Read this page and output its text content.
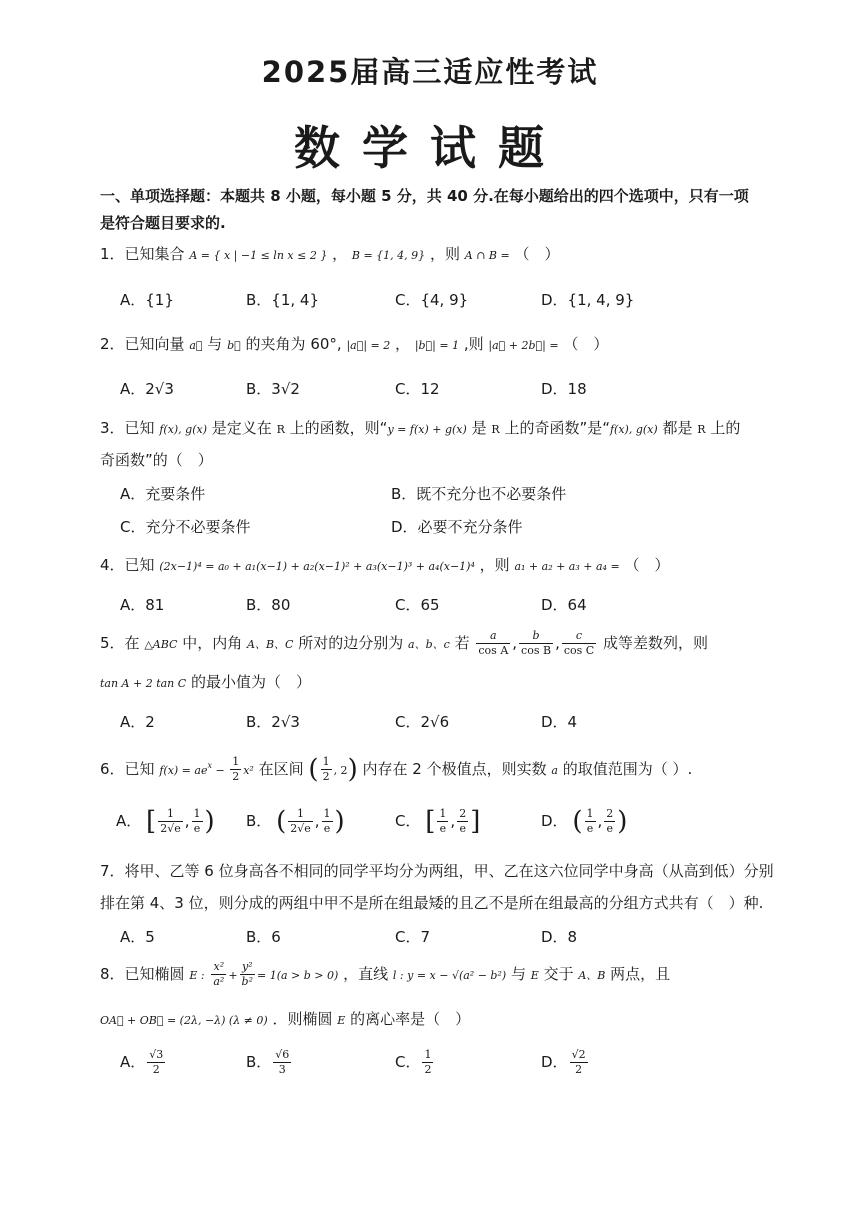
2025届高三适应性考试
数学试题
一、单项选择题：本题共 8 小题，每小题 5 分，共 40 分.在每小题给出的四个选项中，只有一项是符合题目要求的.
1．已知集合 A = { x | −1 ≤ ln x ≤ 2 } ， B = {1, 4, 9} ，则 A ∩ B = （　）
A．{1}	B．{1, 4}	C．{4, 9}	D．{1, 4, 9}
2．已知向量 a⃗ 与 b⃗ 的夹角为 60°, |a⃗| = 2 ， |b⃗| = 1 ,则 |a⃗ + 2b⃗| = （　）
A．2√3	B．3√2	C．12	D．18
3．已知 f(x), g(x) 是定义在 R 上的函数，则“y = f(x) + g(x) 是 R 上的奇函数”是“f(x), g(x) 都是 R 上的
奇函数”的（　）
A．充要条件	B．既不充分也不必要条件
C．充分不必要条件	D．必要不充分条件
4．已知 (2x−1)⁴ = a₀ + a₁(x−1) + a₂(x−1)² + a₃(x−1)³ + a₄(x−1)⁴ ，则 a₁ + a₂ + a₃ + a₄ = （　）
A．81	B．80	C．65	D．64
5．在 △ABC 中，内角 A、B、C 所对的边分别为 a、b、c 若 $\frac{a}{\text{cos A}}$ , $\frac{b}{\text{cos B}}$ , $\frac{c}{\text{cos C}}$ 成等差数列，则
tan A + 2 tan C 的最小值为（　）
A．2	B．2√3	C．2√6	D．4
6．已知 $f(x) = ae^x - \frac{1}{2} x^2$ 在区间 ( $\frac{1}{2}$ , 2) 内存在 2 个极值点，则实数 a 的取值范围为（ ）.
A． [ $\frac{1}{2√e}$ , $\frac{1}{e}$ ) B． ( $\frac{1}{2√e}$ , $\frac{1}{e}$ )	C． [ $\frac{1}{e}$ , $\frac{2}{e}$ ]	D． ( $\frac{1}{e}$ , $\frac{2}{e}$ )
7．将甲、乙等 6 位身高各不相同的同学平均分为两组，甲、乙在这六位同学中身高（从高到低）分别
排在第 4、3 位，则分成的两组中甲不是所在组最矮的且乙不是所在组最高的分组方式共有（　）种.
A．5	B．6	C．7	D．8
8．已知椭圆 E : $\frac{\text{x²}}{\text{a²}} + \frac{\text{y²}}{\text{b²}} = 1(a > b > 0)$ ，直线 l : y = x − √(a² − b²) 与 E 交于 A、B 两点，且
OA⃗ + OB⃗ = (2λ, −λ) (λ ≠ 0) ．则椭圆 E 的离心率是（　）
A． $\frac{√3}{2}$	B． $\frac{√6}{3}$	C． $\frac{1}{2}$	D． $\frac{√2}{2}$
